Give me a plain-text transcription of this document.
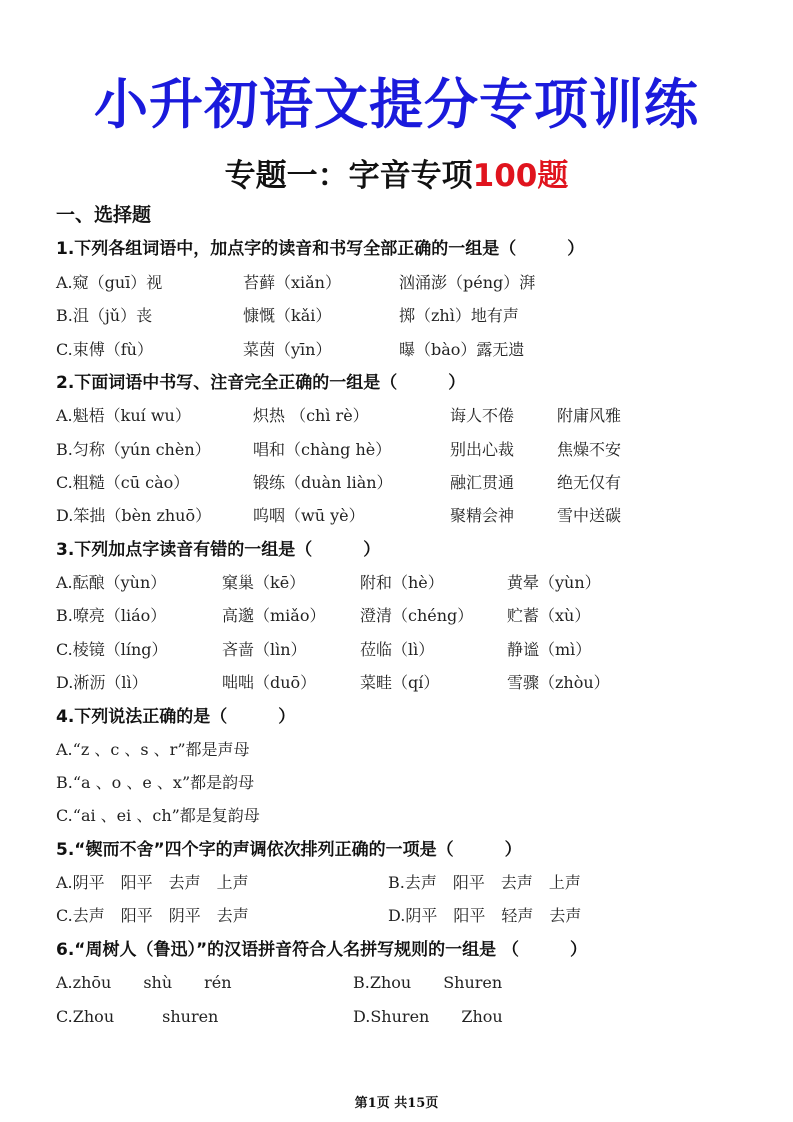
小升初语文提分专项训练
专题一：字音专项100题
一、选择题
1.下列各组词语中，加点字的读音和书写全部正确的一组是（　　　）
A.窥（guī）视	苔藓（xiǎn）	汹涌澎（péng）湃
B.沮（jǔ）丧	慷慨（kǎi）	掷（zhì）地有声
C.束傅（fù）	菜茵（yīn）	曝（bào）露无遗
2.下面词语中书写、注音完全正确的一组是（　　　）
A.魁梧（kuí wu）	炽热 （chì rè）	诲人不倦	附庸风雅
B.匀称（yún chèn）	唱和（chàng hè）	别出心裁	焦燥不安
C.粗糙（cū cào）	锻练（duàn liàn）	融汇贯通	绝无仅有
D.笨拙（bèn zhuō）	呜咽（wū yè）	聚精会神	雪中送碳
3.下列加点字读音有错的一组是（　　　）
A.酝酿（yùn）	窠巢（kē）	附和（hè）	黄晕（yùn）
B.嘹亮（liáo）	高邈（miǎo） 澄清（chéng） 贮蓄（xù）
C.棱镜（líng）	吝啬（lìn）	莅临（lì）	静谧（mì）
D.淅沥（lì）	咄咄（duō）	菜畦（qí）	雪骤（zhòu）
4.下列说法正确的是（　　　）
A.“z 、c 、s 、r”都是声母
B.“a 、o 、e 、x”都是韵母
C.“ai 、ei 、ch”都是复韵母
5.“锲而不舍”四个字的声调依次排列正确的一项是（　　　）
A.阴平　阳平　去声　上声	B.去声　阳平　去声　上声
C.去声　阳平　阴平　去声	D.阴平　阳平　轻声　去声
6.“周树人（鲁迅）”的汉语拼音符合人名拼写规则的一组是 （　　　）
A.zhōu　　shù　　rén	B.Zhou　　Shuren
C.Zhou　　　shuren	D.Shuren　　Zhou
第1页 共15页
